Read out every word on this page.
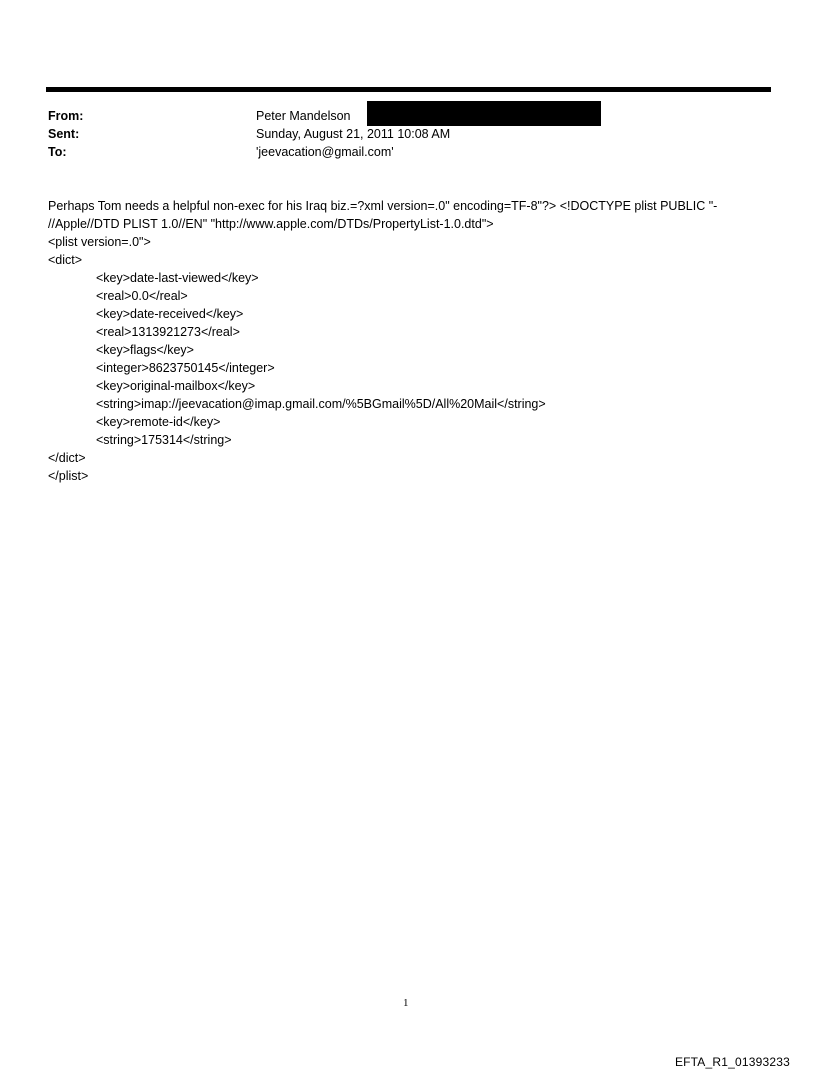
From:	Peter Mandelson
Sent:	Sunday, August 21, 2011 10:08 AM
To:	'jeevacation@gmail.com'
Perhaps Tom needs a helpful non-exec for his Iraq biz.=?xml version=.0" encoding=TF-8"?> <!DOCTYPE plist PUBLIC "-
//Apple//DTD PLIST 1.0//EN" "http://www.apple.com/DTDs/PropertyList-1.0.dtd">
<plist version=.0">
<dict>
<key>date-last-viewed</key>
<real>0.0</real>
<key>date-received</key>
<real>1313921273</real>
<key>flags</key>
<integer>8623750145</integer>
<key>original-mailbox</key>
<string>imap://jeevacation@imap.gmail.com/%5BGmail%5D/All%20Mail</string>
<key>remote-id</key>
<string>175314</string>
</dict>
</plist>
1
EFTA_R1_01393233
